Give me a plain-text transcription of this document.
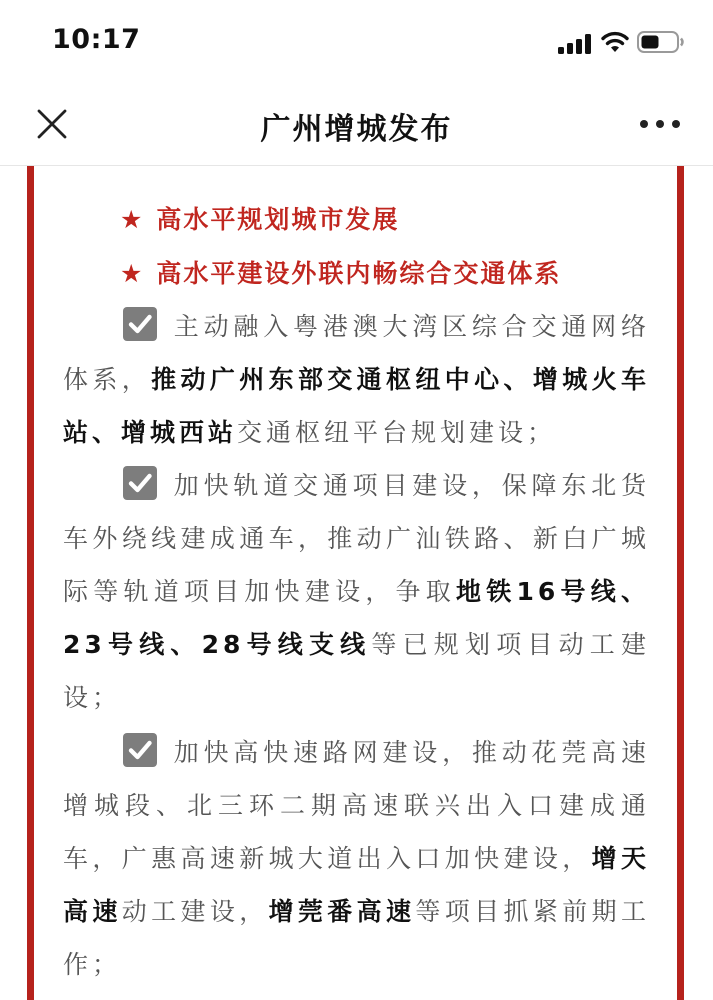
10:17
广州增城发布
★ 高水平规划城市发展
★ 高水平建设外联内畅综合交通体系

主动融入粤港澳大湾区综合交通网络体系，推动广州东部交通枢纽中心、增城火车站、增城西站交通枢纽平台规划建设；

加快轨道交通项目建设，保障东北货车外绕线建成通车，推动广汕铁路、新白广城际等轨道项目加快建设，争取地铁16号线、23号线、28号线支线等已规划项目动工建设；

加快高快速路网建设，推动花莞高速增城段、北三环二期高速联兴出入口建成通车，广惠高速新城大道出入口加快建设，增天高速动工建设，增莞番高速等项目抓紧前期工作；
